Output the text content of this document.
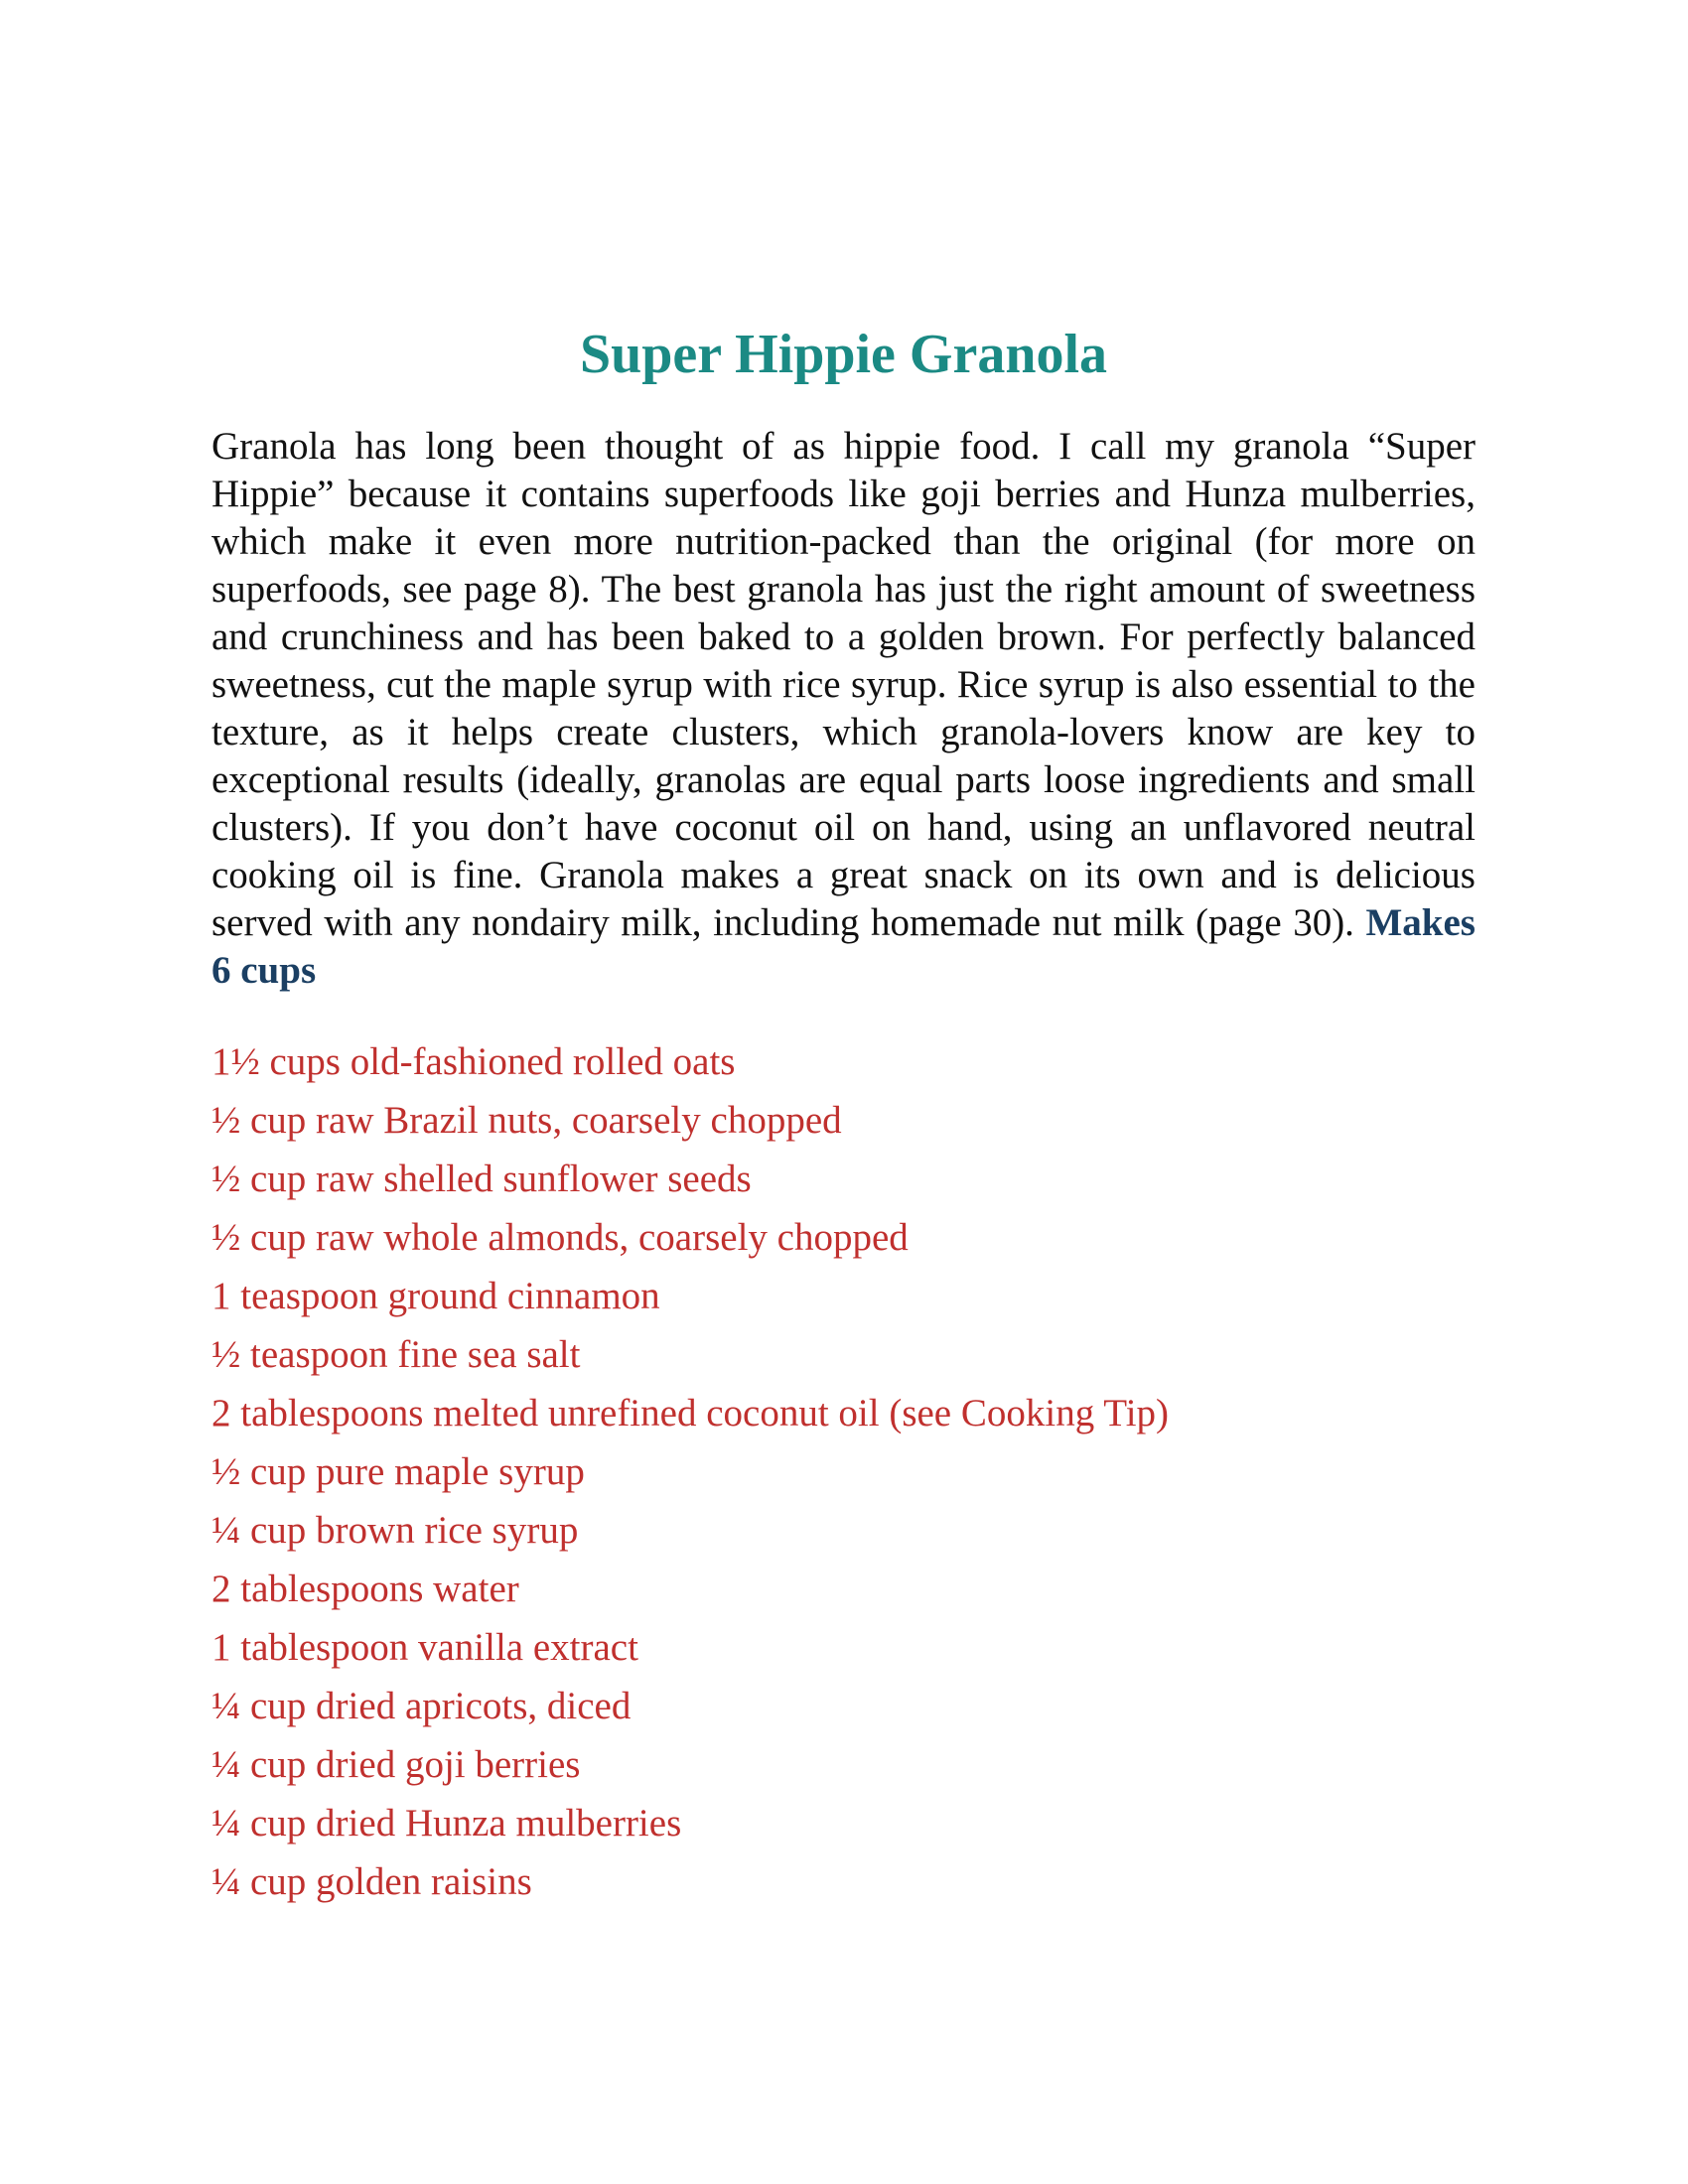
Super Hippie Granola

Granola has long been thought of as hippie food. I call my granola “Super Hippie” because it contains superfoods like goji berries and Hunza mulberries, which make it even more nutrition-packed than the original (for more on superfoods, see page 8). The best granola has just the right amount of sweetness and crunchiness and has been baked to a golden brown. For perfectly balanced sweetness, cut the maple syrup with rice syrup. Rice syrup is also essential to the texture, as it helps create clusters, which granola-lovers know are key to exceptional results (ideally, granolas are equal parts loose ingredients and small clusters). If you don’t have coconut oil on hand, using an unflavored neutral cooking oil is fine. Granola makes a great snack on its own and is delicious served with any nondairy milk, including homemade nut milk (page 30). Makes 6 cups

1½ cups old-fashioned rolled oats
½ cup raw Brazil nuts, coarsely chopped
½ cup raw shelled sunflower seeds
½ cup raw whole almonds, coarsely chopped
1 teaspoon ground cinnamon
½ teaspoon fine sea salt
2 tablespoons melted unrefined coconut oil (see Cooking Tip)
½ cup pure maple syrup
¼ cup brown rice syrup
2 tablespoons water
1 tablespoon vanilla extract
¼ cup dried apricots, diced
¼ cup dried goji berries
¼ cup dried Hunza mulberries
¼ cup golden raisins
